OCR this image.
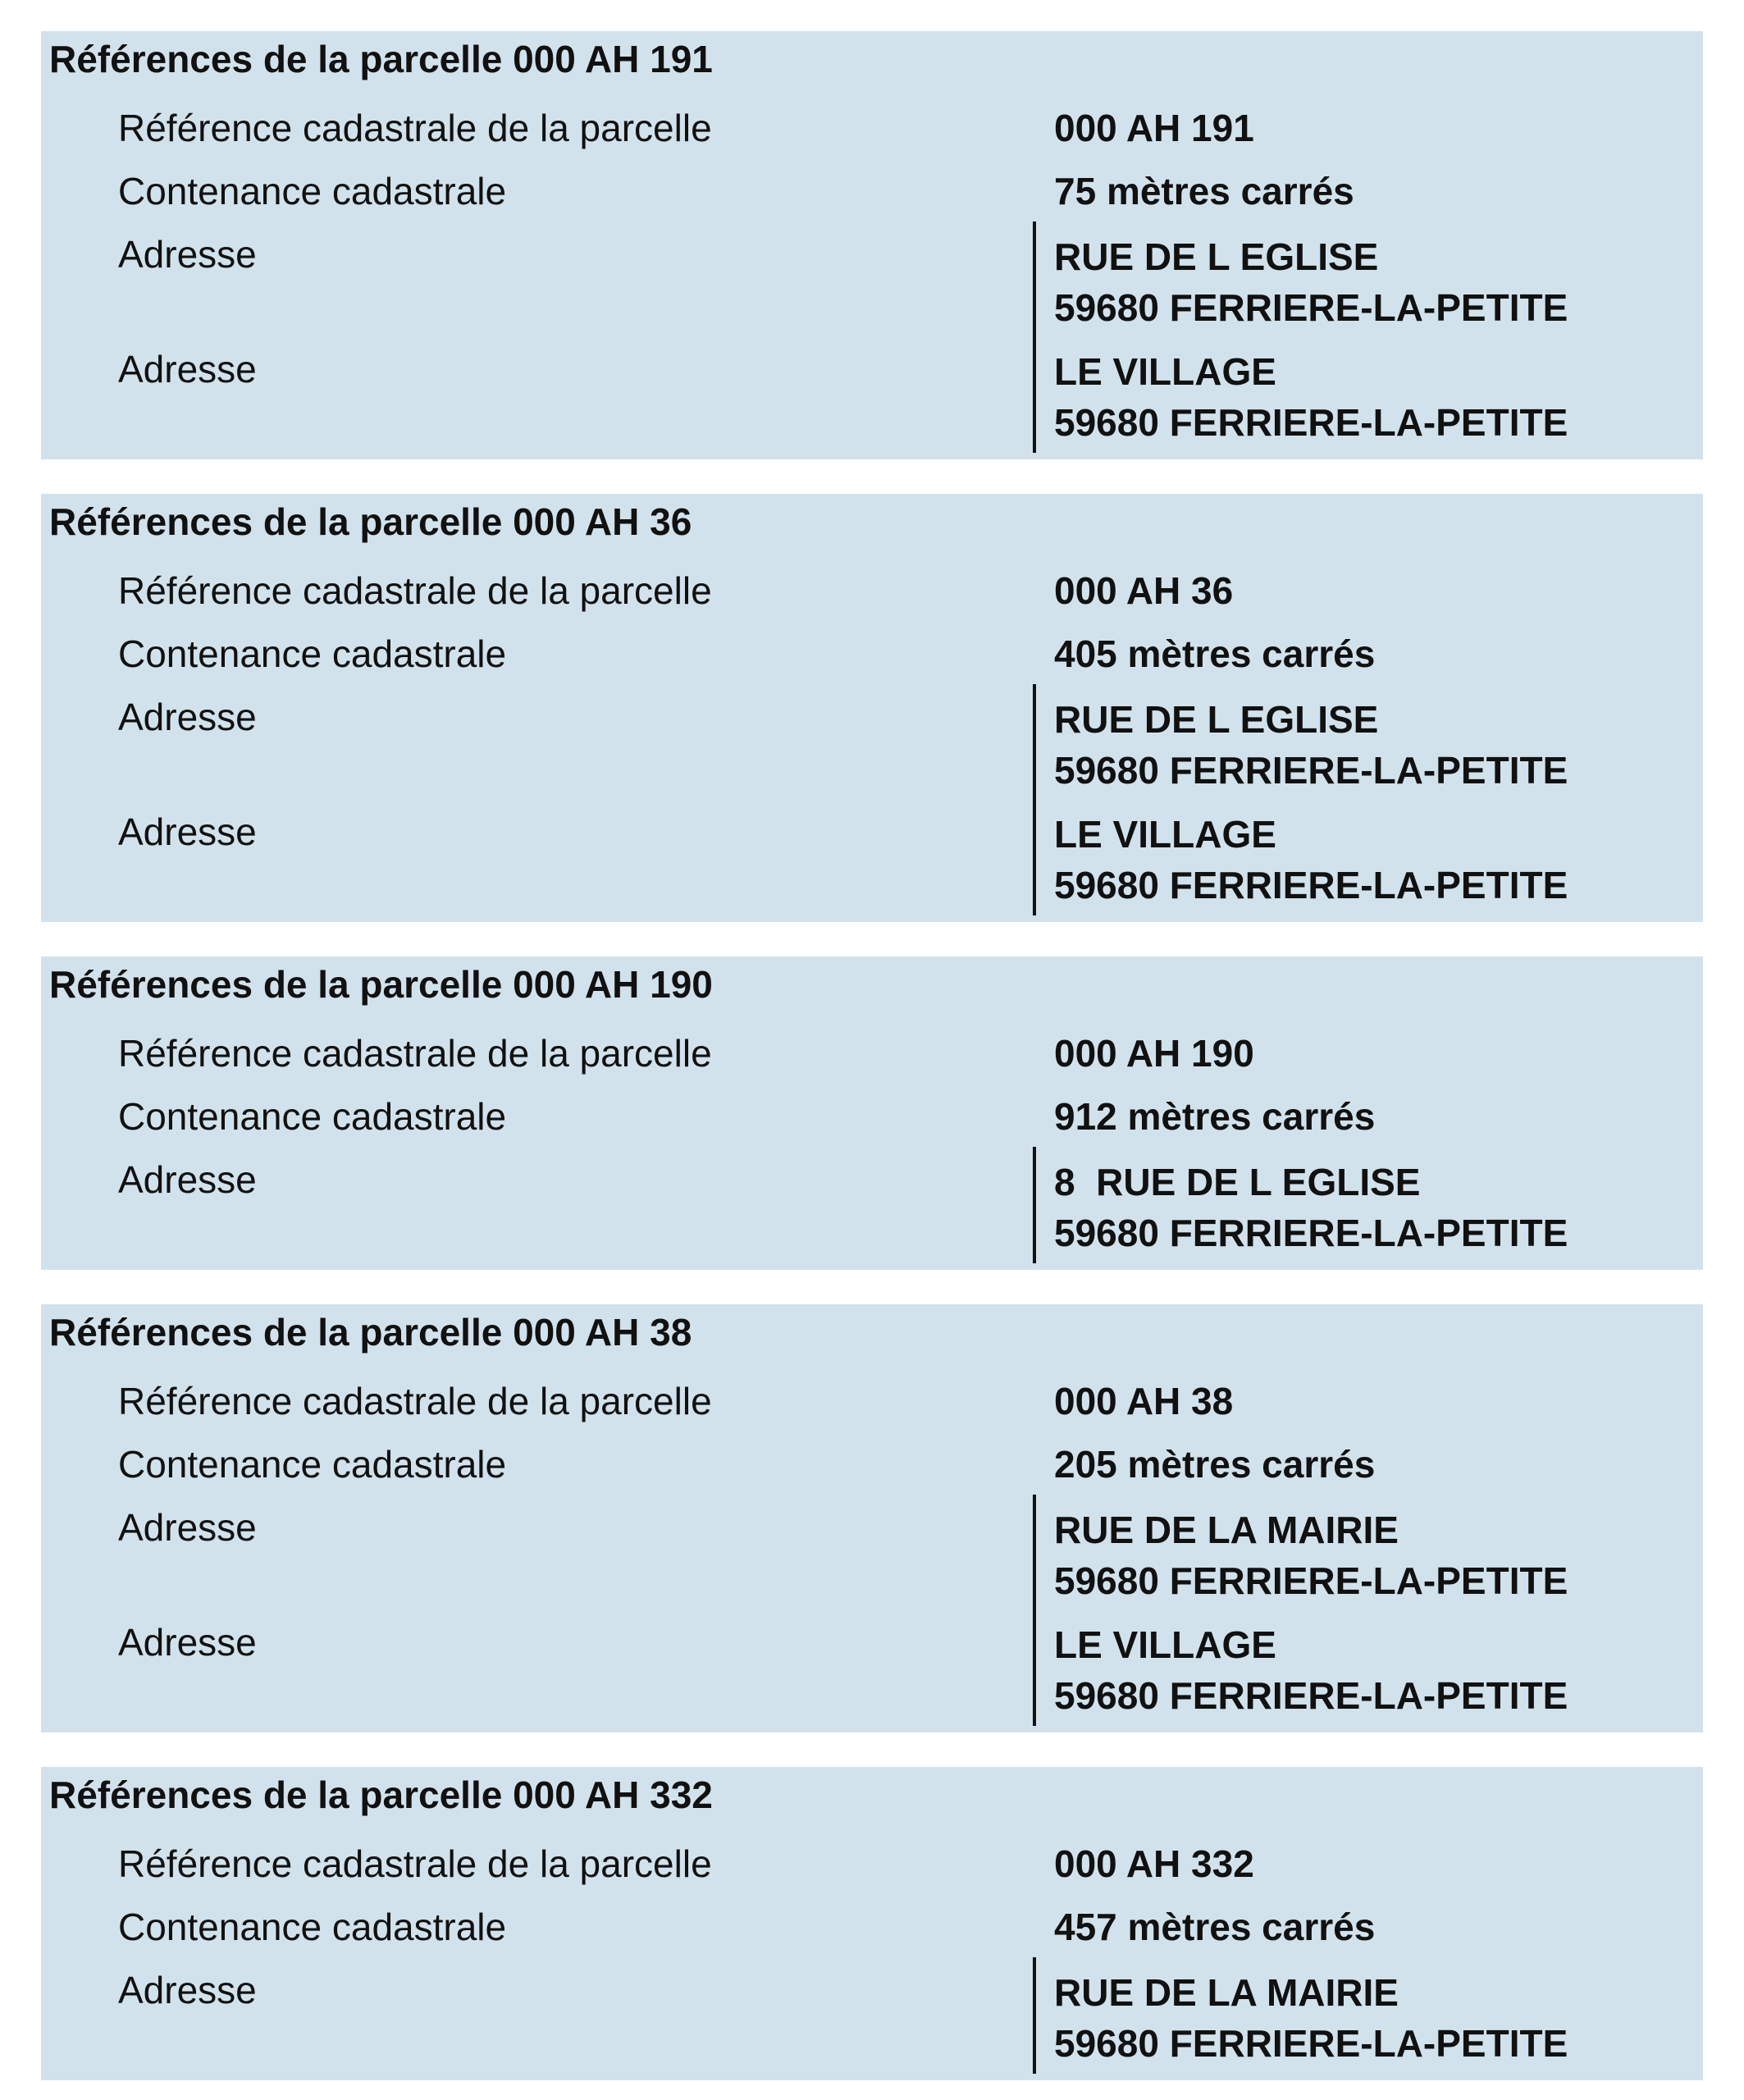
Références de la parcelle 000 AH 191
Référence cadastrale de la parcelle	000 AH 191
Contenance cadastrale	75 mètres carrés
Adresse	RUE DE L EGLISE
59680 FERRIERE-LA-PETITE
Adresse	LE VILLAGE
59680 FERRIERE-LA-PETITE
Références de la parcelle 000 AH 36
Référence cadastrale de la parcelle	000 AH 36
Contenance cadastrale	405 mètres carrés
Adresse	RUE DE L EGLISE
59680 FERRIERE-LA-PETITE
Adresse	LE VILLAGE
59680 FERRIERE-LA-PETITE
Références de la parcelle 000 AH 190
Référence cadastrale de la parcelle	000 AH 190
Contenance cadastrale	912 mètres carrés
Adresse	8  RUE DE L EGLISE
59680 FERRIERE-LA-PETITE
Références de la parcelle 000 AH 38
Référence cadastrale de la parcelle	000 AH 38
Contenance cadastrale	205 mètres carrés
Adresse	RUE DE LA MAIRIE
59680 FERRIERE-LA-PETITE
Adresse	LE VILLAGE
59680 FERRIERE-LA-PETITE
Références de la parcelle 000 AH 332
Référence cadastrale de la parcelle	000 AH 332
Contenance cadastrale	457 mètres carrés
Adresse	RUE DE LA MAIRIE
59680 FERRIERE-LA-PETITE
